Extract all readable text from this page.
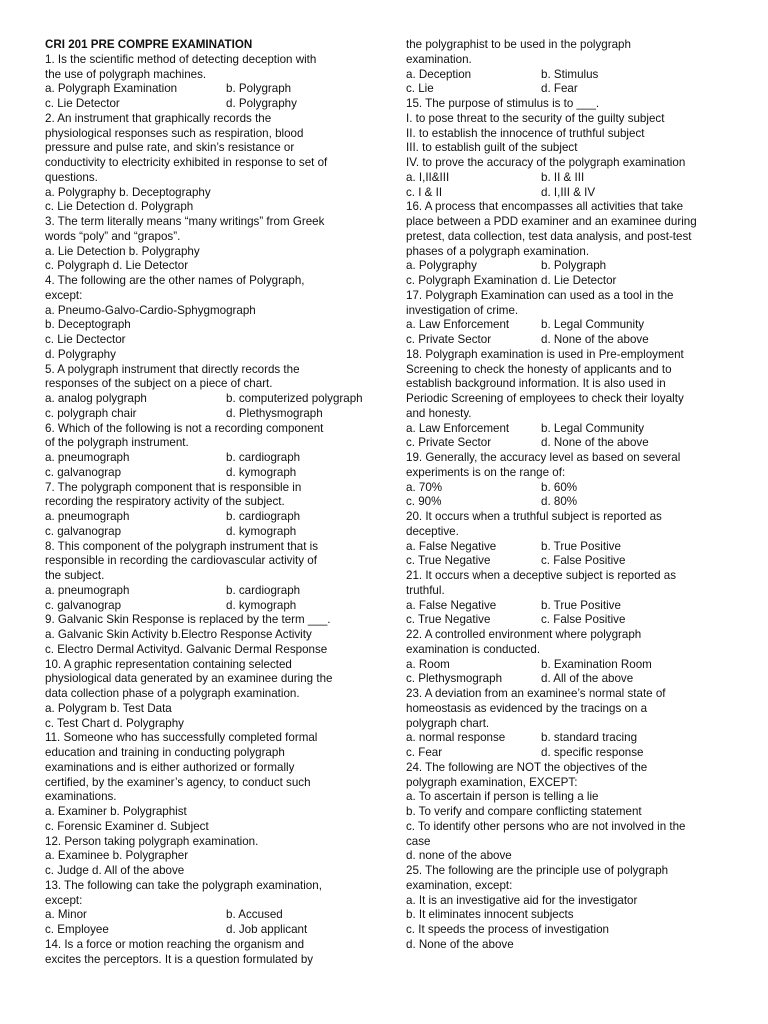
CRI 201 PRE COMPRE EXAMINATION
1. Is the scientific method of detecting deception with
the use of polygraph machines.
a. Polygraph Examination	b. Polygraph
c. Lie Detector	d. Polygraphy
2. An instrument that graphically records the
physiological responses such as respiration, blood
pressure and pulse rate, and skin’s resistance or
conductivity to electricity exhibited in response to set of
questions.
a. Polygraphy b. Deceptography
c. Lie Detection d. Polygraph
3. The term literally means “many writings” from Greek
words “poly” and “grapos”.
a. Lie Detection b. Polygraphy
c. Polygraph d. Lie Detector
4. The following are the other names of Polygraph,
except:
a. Pneumo-Galvo-Cardio-Sphygmograph
b. Deceptograph
c. Lie Dectector
d. Polygraphy
5. A polygraph instrument that directly records the
responses of the subject on a piece of chart.
a. analog polygraph	b. computerized polygraph
c. polygraph chair	d. Plethysmograph
6. Which of the following is not a recording component
of the polygraph instrument.
a. pneumograph	b. cardiograph
c. galvanograp	d. kymograph
7. The polygraph component that is responsible in
recording the respiratory activity of the subject.
a. pneumograph	b. cardiograph
c. galvanograp	d. kymograph
8. This component of the polygraph instrument that is
responsible in recording the cardiovascular activity of
the subject.
a. pneumograph	b. cardiograph
c. galvanograp	d. kymograph
9. Galvanic Skin Response is replaced by the term ___.
a. Galvanic Skin Activity b.Electro Response Activity
c. Electro Dermal Activityd. Galvanic Dermal Response
10. A graphic representation containing selected
physiological data generated by an examinee during the
data collection phase of a polygraph examination.
a. Polygram b. Test Data
c. Test Chart d. Polygraphy
11. Someone who has successfully completed formal
education and training in conducting polygraph
examinations and is either authorized or formally
certified, by the examiner’s agency, to conduct such
examinations.
a. Examiner b. Polygraphist
c. Forensic Examiner d. Subject
12. Person taking polygraph examination.
a. Examinee b. Polygrapher
c. Judge d. All of the above
13. The following can take the polygraph examination,
except:
a. Minor	b. Accused
c. Employee	d. Job applicant
14. Is a force or motion reaching the organism and
excites the perceptors. It is a question formulated by
the polygraphist to be used in the polygraph
examination.
a. Deception	b. Stimulus
c. Lie	d. Fear
15. The purpose of stimulus is to ___.
I. to pose threat to the security of the guilty subject
II. to establish the innocence of truthful subject
III. to establish guilt of the subject
IV. to prove the accuracy of the polygraph examination
a. I,II&III	b. II & III
c. I & II	d. I,III & IV
16. A process that encompasses all activities that take
place between a PDD examiner and an examinee during
pretest, data collection, test data analysis, and post-test
phases of a polygraph examination.
a. Polygraphy	b. Polygraph
c. Polygraph Examination d. Lie Detector
17. Polygraph Examination can used as a tool in the
investigation of crime.
a. Law Enforcement	b. Legal Community
c. Private Sector	d. None of the above
18. Polygraph examination is used in Pre-employment
Screening to check the honesty of applicants and to
establish background information. It is also used in
Periodic Screening of employees to check their loyalty
and honesty.
a. Law Enforcement	b. Legal Community
c. Private Sector	d. None of the above
19. Generally, the accuracy level as based on several
experiments is on the range of:
a. 70%	b. 60%
c. 90%	d. 80%
20. It occurs when a truthful subject is reported as
deceptive.
a. False Negative	b. True Positive
c. True Negative	c. False Positive
21. It occurs when a deceptive subject is reported as
truthful.
a. False Negative	b. True Positive
c. True Negative	c. False Positive
22. A controlled environment where polygraph
examination is conducted.
a. Room	b. Examination Room
c. Plethysmograph	d. All of the above
23. A deviation from an examinee’s normal state of
homeostasis as evidenced by the tracings on a
polygraph chart.
a. normal response	b. standard tracing
c. Fear	d. specific response
24. The following are NOT the objectives of the
polygraph examination, EXCEPT:
a. To ascertain if person is telling a lie
b. To verify and compare conflicting statement
c. To identify other persons who are not involved in the
case
d. none of the above
25. The following are the principle use of polygraph
examination, except:
a. It is an investigative aid for the investigator
b. It eliminates innocent subjects
c. It speeds the process of investigation
d. None of the above
